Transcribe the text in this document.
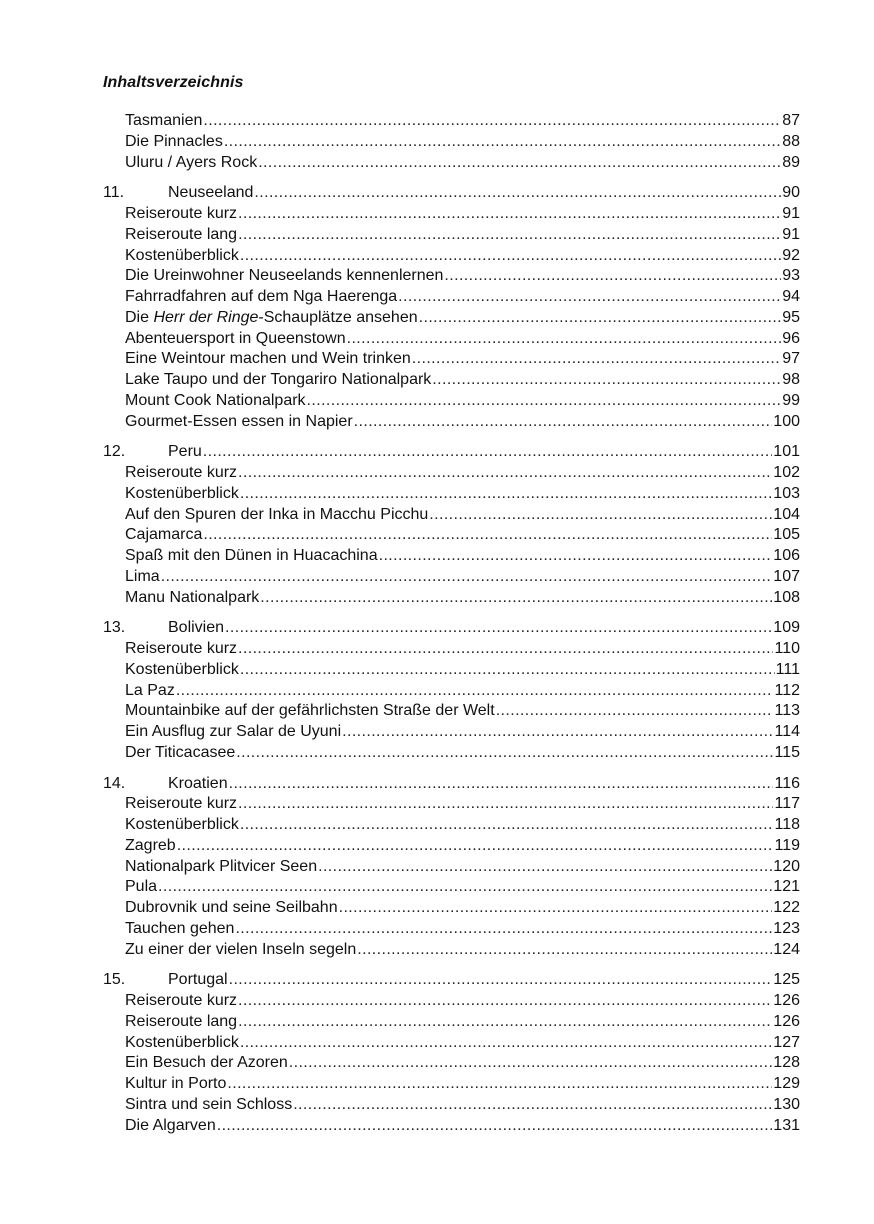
Inhaltsverzeichnis
Tasmanien .....	87
Die Pinnacles .....	88
Uluru / Ayers Rock .....	89
11.	Neuseeland .....	90
Reiseroute kurz .....	91
Reiseroute lang .....	91
Kostenüberblick .....	92
Die Ureinwohner Neuseelands kennenlernen .....	93
Fahrradfahren auf dem Nga Haerenga .....	94
Die Herr der Ringe-Schauplätze ansehen .....	95
Abenteuersport in Queenstown .....	96
Eine Weintour machen und Wein trinken .....	97
Lake Taupo und der Tongariro Nationalpark .....	98
Mount Cook Nationalpark .....	99
Gourmet-Essen essen in Napier .....	100
12.	Peru .....	101
Reiseroute kurz .....	102
Kostenüberblick .....	103
Auf den Spuren der Inka in Macchu Picchu .....	104
Cajamarca .....	105
Spaß mit den Dünen in Huacachina .....	106
Lima .....	107
Manu Nationalpark .....	108
13.	Bolivien .....	109
Reiseroute kurz .....	110
Kostenüberblick .....	111
La Paz .....	112
Mountainbike auf der gefährlichsten Straße der Welt .....	113
Ein Ausflug zur Salar de Uyuni .....	114
Der Titicacasee .....	115
14.	Kroatien .....	116
Reiseroute kurz .....	117
Kostenüberblick .....	118
Zagreb .....	119
Nationalpark Plitvicer Seen .....	120
Pula .....	121
Dubrovnik und seine Seilbahn .....	122
Tauchen gehen .....	123
Zu einer der vielen Inseln segeln .....	124
15.	Portugal .....	125
Reiseroute kurz .....	126
Reiseroute lang .....	126
Kostenüberblick .....	127
Ein Besuch der Azoren .....	128
Kultur in Porto .....	129
Sintra und sein Schloss .....	130
Die Algarven .....	131
